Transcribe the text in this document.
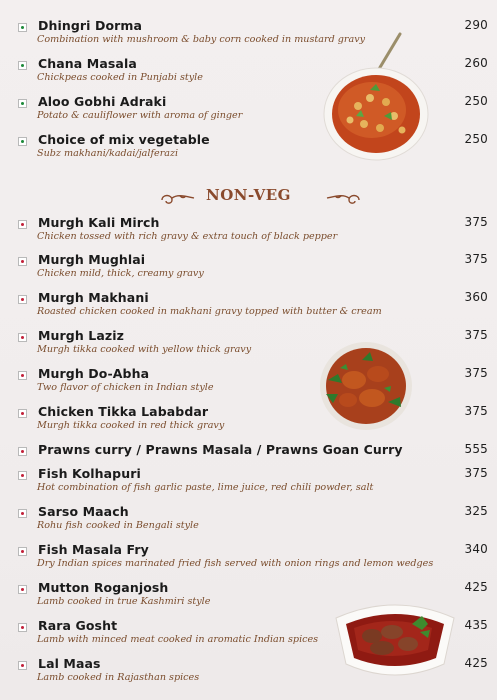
Dhingri Dorma
Combination with mushroom & baby corn cooked in mustard gravy
290
Chana Masala
Chickpeas cooked in Punjabi style
260
Aloo Gobhi Adraki
Potato & cauliflower with aroma of ginger
250
Choice of mix vegetable
Subz makhani/kadai/jalferazi
250
NON-VEG
Murgh Kali Mirch
Chicken tossed with rich gravy & extra touch of black pepper
375
Murgh Mughlai
Chicken mild, thick, creamy gravy
375
Murgh Makhani
Roasted chicken cooked in makhani gravy topped with butter & cream
360
Murgh Laziz
Murgh tikka cooked with yellow thick gravy
375
Murgh Do-Abha
Two flavor of chicken in Indian style
375
Chicken Tikka Lababdar
Murgh tikka cooked in red thick gravy
375
Prawns curry / Prawns Masala / Prawns Goan Curry	555
Fish Kolhapuri
Hot combination of fish garlic paste, lime juice, red chili powder, salt
375
Sarso Maach
Rohu fish cooked in Bengali style
325
Fish Masala Fry
Dry Indian spices marinated fried fish served with onion rings and lemon wedges
340
Mutton Roganjosh
Lamb cooked in true Kashmiri style
425
Rara Gosht
Lamb with minced meat cooked in aromatic Indian spices
435
Lal Maas
Lamb cooked in Rajasthan spices
425
